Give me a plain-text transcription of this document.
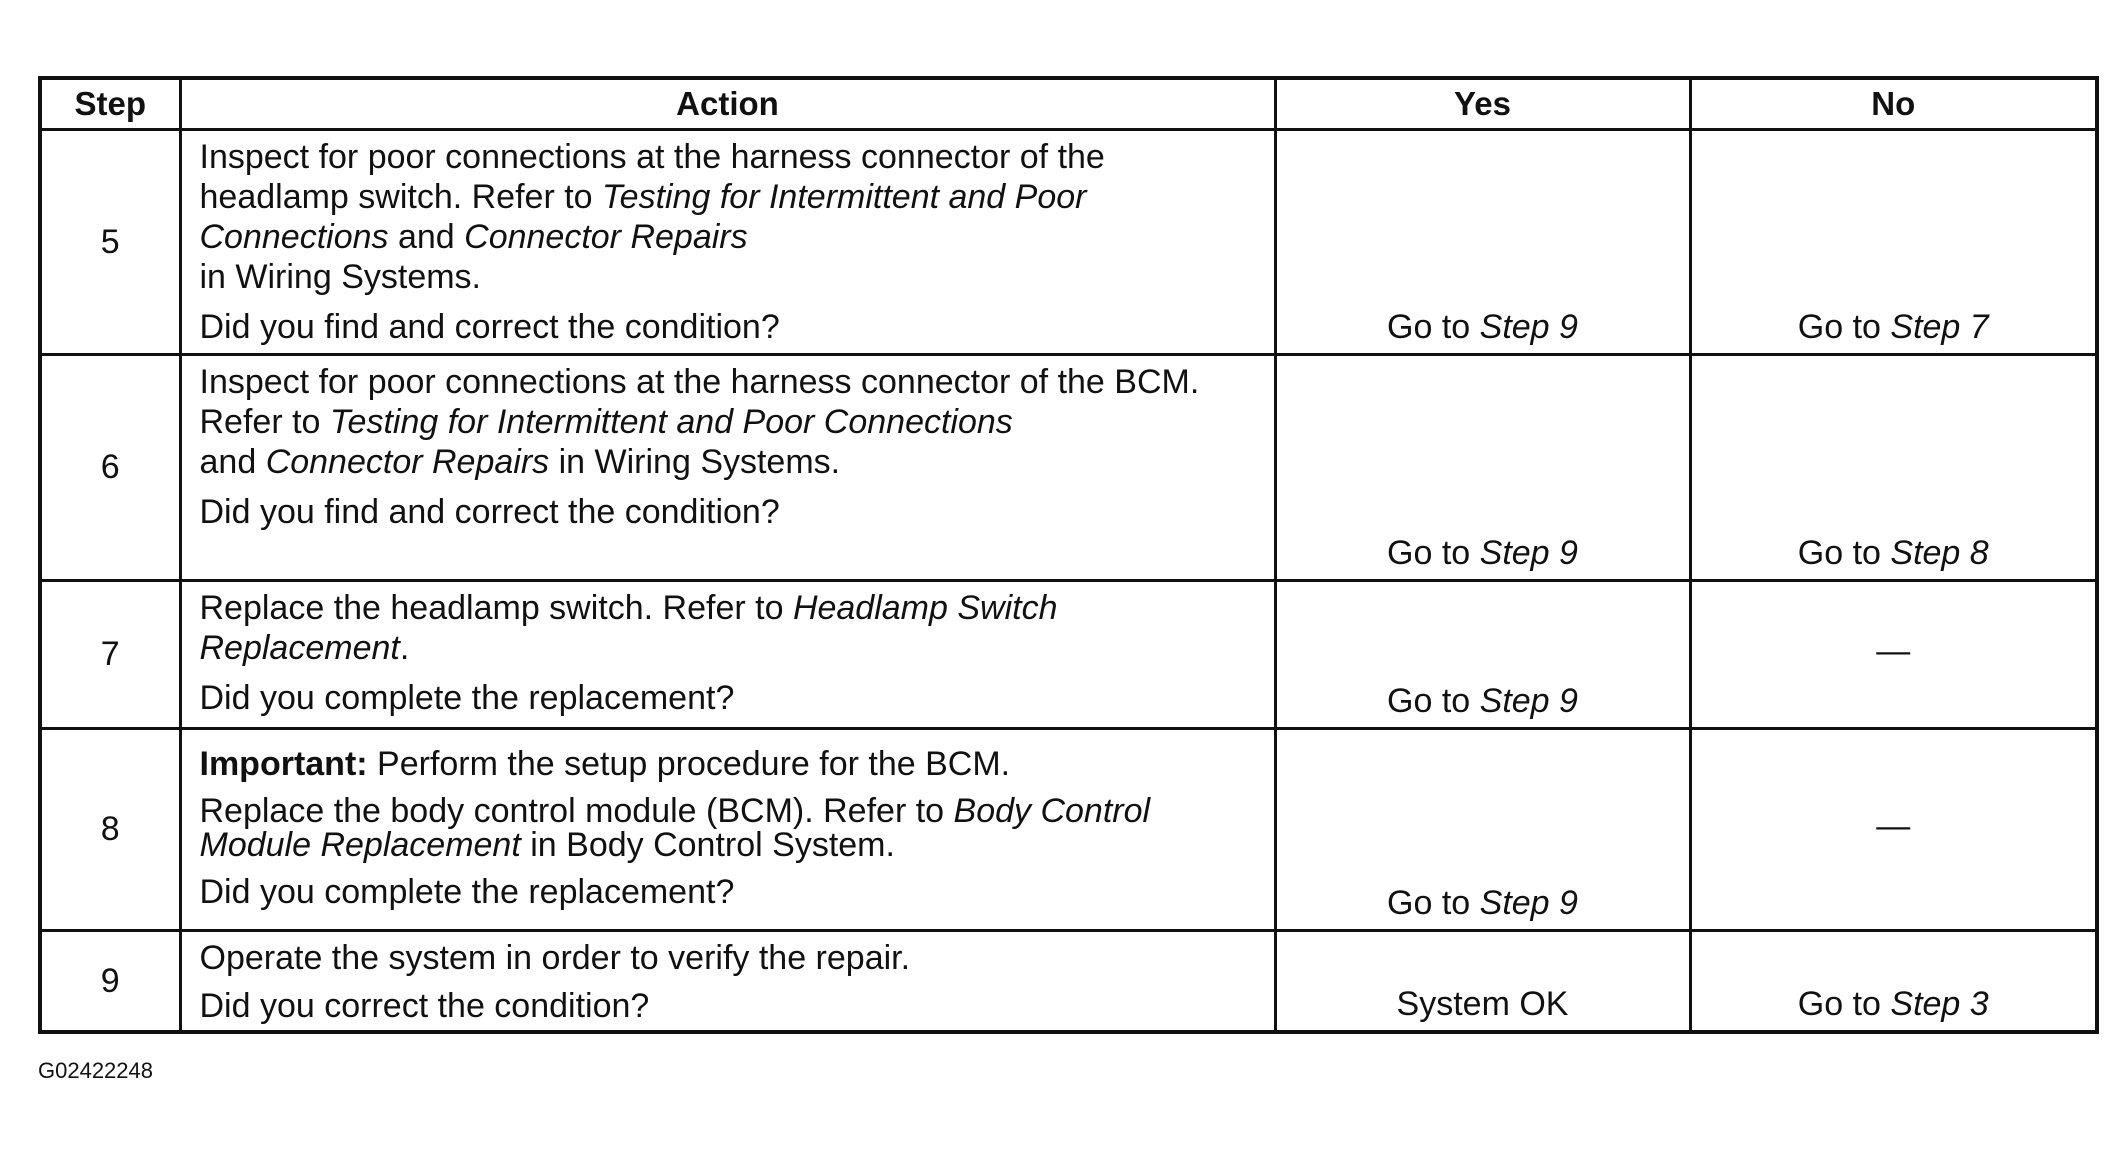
Step	Action	Yes	No
5	Inspect for poor connections at the harness connector of the headlamp switch. Refer to Testing for Intermittent and Poor Connections and Connector Repairs
in Wiring Systems.

Did you find and correct the condition?	Go to Step 9	Go to Step 7
6	Inspect for poor connections at the harness connector of the BCM. Refer to Testing for Intermittent and Poor Connections
and Connector Repairs in Wiring Systems.

Did you find and correct the condition?	Go to Step 9	Go to Step 8
7	Replace the headlamp switch. Refer to Headlamp Switch Replacement.

Did you complete the replacement?	Go to Step 9	—
8	Important: Perform the setup procedure for the BCM.

Replace the body control module (BCM). Refer to Body Control Module Replacement in Body Control System.

Did you complete the replacement?	Go to Step 9	—
9	Operate the system in order to verify the repair.

Did you correct the condition?	System OK	Go to Step 3
G02422248
